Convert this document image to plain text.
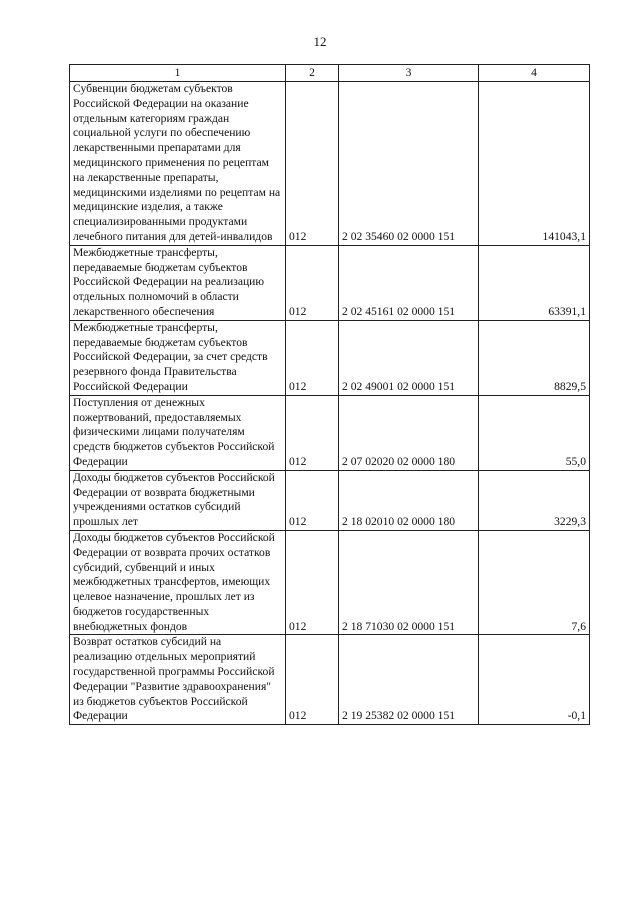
12
1	2	3	4
Субвенции бюджетам субъектов Российской Федерации на оказание отдельным категориям граждан социальной услуги по обеспечению лекарственными препаратами для медицинского применения по рецептам на лекарственные препараты, медицинскими изделиями по рецептам на медицинские изделия, а также специализированными продуктами лечебного питания для детей-инвалидов	012	2 02 35460 02 0000 151	141043,1
Межбюджетные трансферты, передаваемые бюджетам субъектов Российской Федерации на реализацию отдельных полномочий в области лекарственного обеспечения	012	2 02 45161 02 0000 151	63391,1
Межбюджетные трансферты, передаваемые бюджетам субъектов Российской Федерации, за счет средств резервного фонда Правительства Российской Федерации	012	2 02 49001 02 0000 151	8829,5
Поступления от денежных пожертвований, предоставляемых физическими лицами получателям средств бюджетов субъектов Российской Федерации	012	2 07 02020 02 0000 180	55,0
Доходы бюджетов субъектов Российской Федерации от возврата бюджетными учреждениями остатков субсидий прошлых лет	012	2 18 02010 02 0000 180	3229,3
Доходы бюджетов субъектов Российской Федерации от возврата прочих остатков субсидий, субвенций и иных межбюджетных трансфертов, имеющих целевое назначение, прошлых лет из бюджетов государственных внебюджетных фондов	012	2 18 71030 02 0000 151	7,6
Возврат остатков субсидий на реализацию отдельных мероприятий государственной программы Российской Федерации "Развитие здравоохранения" из бюджетов субъектов Российской Федерации	012	2 19 25382 02 0000 151	-0,1
